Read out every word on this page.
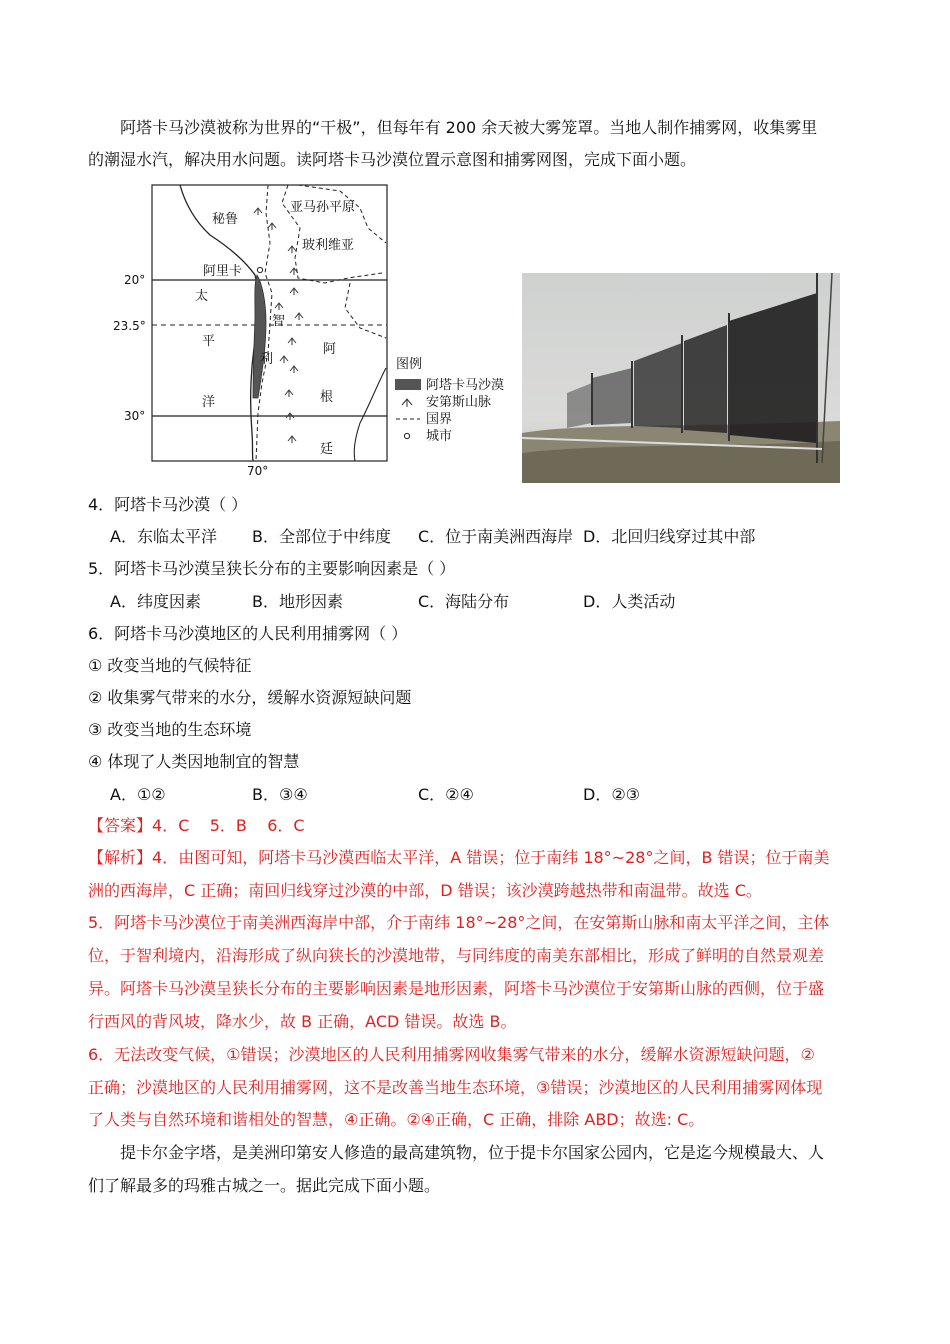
阿塔卡马沙漠被称为世界的“干极”，但每年有 200 余天被大雾笼罩。当地人制作捕雾网，收集雾里
的潮湿水汽，解决用水问题。读阿塔卡马沙漠位置示意图和捕雾网图，完成下面小题。
秘鲁
亚马孙平原
玻利维亚
阿里卡
太
平
洋
智
利
阿
根
廷
20°
23.5°
30°
70°
图例
阿塔卡马沙漠
安第斯山脉
国界
城市
4．阿塔卡马沙漠（ ）
A．东临太平洋 B．全部位于中纬度 C．位于南美洲西海岸 D．北回归线穿过其中部
5．阿塔卡马沙漠呈狭长分布的主要影响因素是（ ）
A．纬度因素	B．地形因素	C．海陆分布	D．人类活动
6．阿塔卡马沙漠地区的人民利用捕雾网（ ）
① 改变当地的气候特征
② 收集雾气带来的水分，缓解水资源短缺问题
③ 改变当地的生态环境
④ 体现了人类因地制宜的智慧
A．①②	B．③④	C．②④	D．②③
【答案】4．C    5．B    6．C
【解析】4．由图可知，阿塔卡马沙漠西临太平洋，A 错误；位于南纬 18°~28°之间，B 错误；位于南美
洲的西海岸，C 正确；南回归线穿过沙漠的中部，D 错误；该沙漠跨越热带和南温带。故选 C。
5．阿塔卡马沙漠位于南美洲西海岸中部，介于南纬 18°~28°之间，在安第斯山脉和南太平洋之间，主体
位，于智利境内，沿海形成了纵向狭长的沙漠地带，与同纬度的南美东部相比，形成了鲜明的自然景观差
异。阿塔卡马沙漠呈狭长分布的主要影响因素是地形因素，阿塔卡马沙漠位于安第斯山脉的西侧，位于盛
行西风的背风坡，降水少，故 B 正确，ACD 错误。故选 B。
6．无法改变气候，①错误；沙漠地区的人民利用捕雾网收集雾气带来的水分，缓解水资源短缺问题，②
正确；沙漠地区的人民利用捕雾网，这不是改善当地生态环境，③错误；沙漠地区的人民利用捕雾网体现
了人类与自然环境和谐相处的智慧，④正确。②④正确，C 正确，排除 ABD；故选: C。
提卡尔金字塔，是美洲印第安人修造的最高建筑物，位于提卡尔国家公园内，它是迄今规模最大、人
们了解最多的玛雅古城之一。据此完成下面小题。
